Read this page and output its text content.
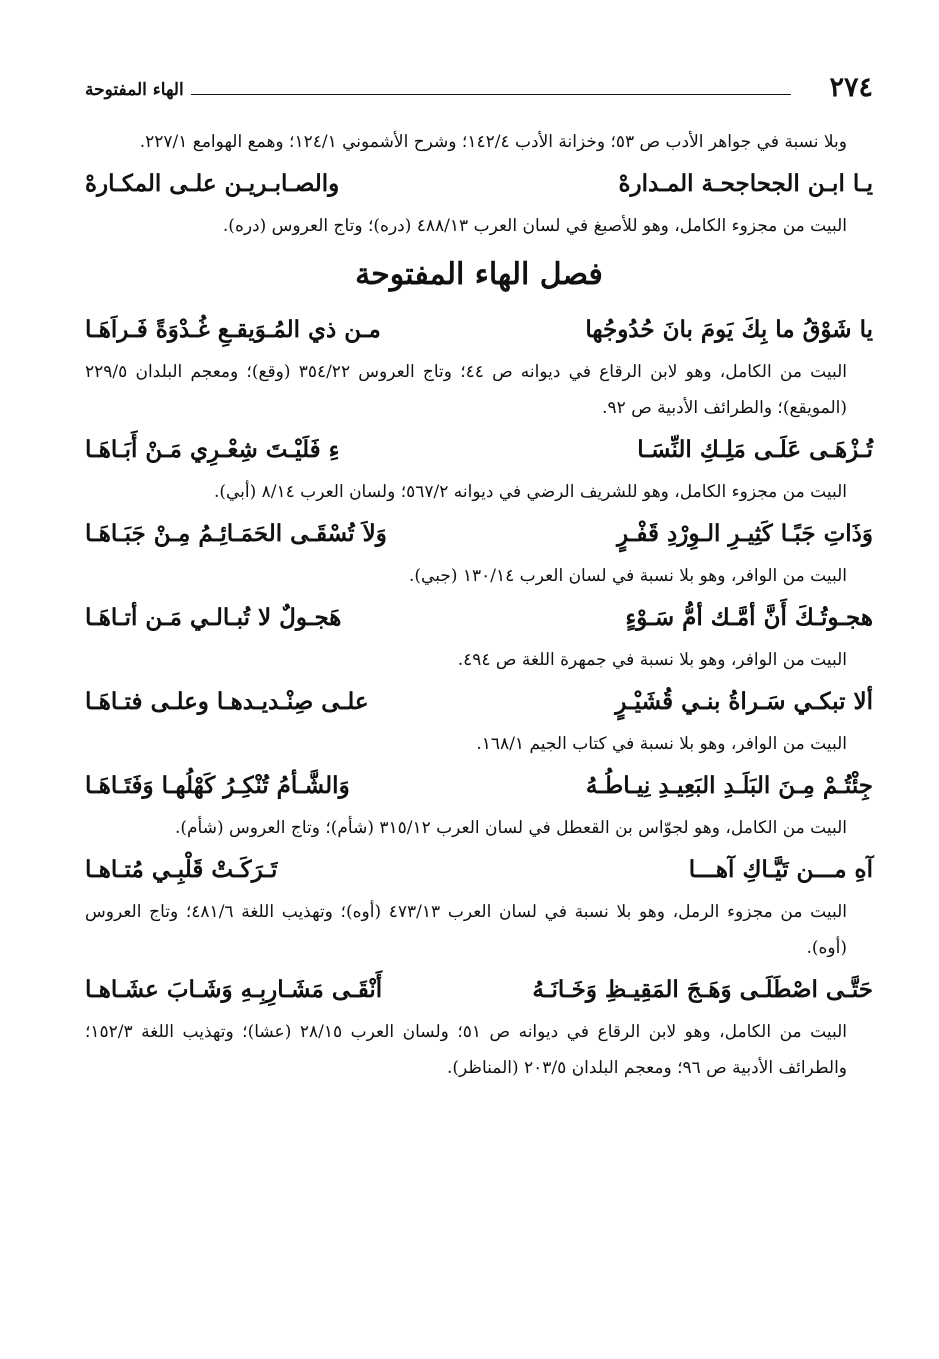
٢٧٤
الهاء المفتوحة

وبلا نسبة في جواهر الأدب ص ٥٣؛ وخزانة الأدب ١٤٢/٤؛ وشرح الأشموني ١٢٤/١؛ وهمع الهوامع ٢٢٧/١.

يـا ابـن الجحاجحـة المـدارهْ
والصـابـريـن علـى المكـارهْ

البيت من مجزوء الكامل، وهو للأصبغ في لسان العرب ٤٨٨/١٣ (دره)؛ وتاج العروس (دره).

فصل الهاء المفتوحة
يا شَوْقُ ما بِكَ يَومَ بانَ حُدُوجُها
مـن ذي المُـوَيقـعِ غُـدْوَةً فَـراَهَـا

البيت من الكامل، وهو لابن الرقاع في ديوانه ص ٤٤؛ وتاج العروس ٣٥٤/٢٢ (وقع)؛ ومعجم البلدان ٢٢٩/٥ (المويقع)؛ والطرائف الأدبية ص ٩٢.

تُـزْهَـى عَلَـى مَلِـكِ النِّسَـا
ءِ فَلَيْـتَ شِعْـرِي مَـنْ أَبَـاهَـا

البيت من مجزوء الكامل، وهو للشريف الرضي في ديوانه ٥٦٧/٢؛ ولسان العرب ٨/١٤ (أبي).

وَذَاتِ جَبًـا كَثِيـرِ الـوِرْدِ قَفْـرٍ
وَلاَ تُسْقَـى الحَمَـائِـمُ مِـنْ جَبَـاهَـا

البيت من الوافر، وهو بلا نسبة في لسان العرب ١٣٠/١٤ (جبي).

هجـوتُـكَ أَنَّ أمَّـك أمُّ سَـوْءٍ
هَجـولٌ لا تُبـالـي مَـن أتـاهَـا

البيت من الوافر، وهو بلا نسبة في جمهرة اللغة ص ٤٩٤.

ألا تبكـي سَـراةُ بنـي قُشَيْـرٍ
علـى صِنْـديـدهـا وعلـى فتـاهَـا

البيت من الوافر، وهو بلا نسبة في كتاب الجيم ١٦٨/١.

جِئْتُـمْ مِـنَ البَلَـدِ البَعِيـدِ نِيـاطُـهُ
وَالشَّـأمُ تُنْكِـرُ كَهْلُهـا وَفَتَـاهَـا

البيت من الكامل، وهو لجوّاس بن القعطل في لسان العرب ٣١٥/١٢ (شأم)؛ وتاج العروس (شأم).

آهِ مـــن تَيَّـاكِ آهـــا
تَـرَكَـتْ قَلْبِـي مُتـاهـا

البيت من مجزوء الرمل، وهو بلا نسبة في لسان العرب ٤٧٣/١٣ (أوه)؛ وتهذيب اللغة ٤٨١/٦؛ وتاج العروس (أوه).

حَتَّـى اصْطَلَـى وَهَـجَ المَقِيـظِ وَخَـانَـهُ
أَنْقَـى مَشَـارِبِـهِ وَشَـابَ عشَـاهـا

البيت من الكامل، وهو لابن الرقاع في ديوانه ص ٥١؛ ولسان العرب ٢٨/١٥ (عشا)؛ وتهذيب اللغة ١٥٢/٣؛ والطرائف الأدبية ص ٩٦؛ ومعجم البلدان ٢٠٣/٥ (المناظر).
